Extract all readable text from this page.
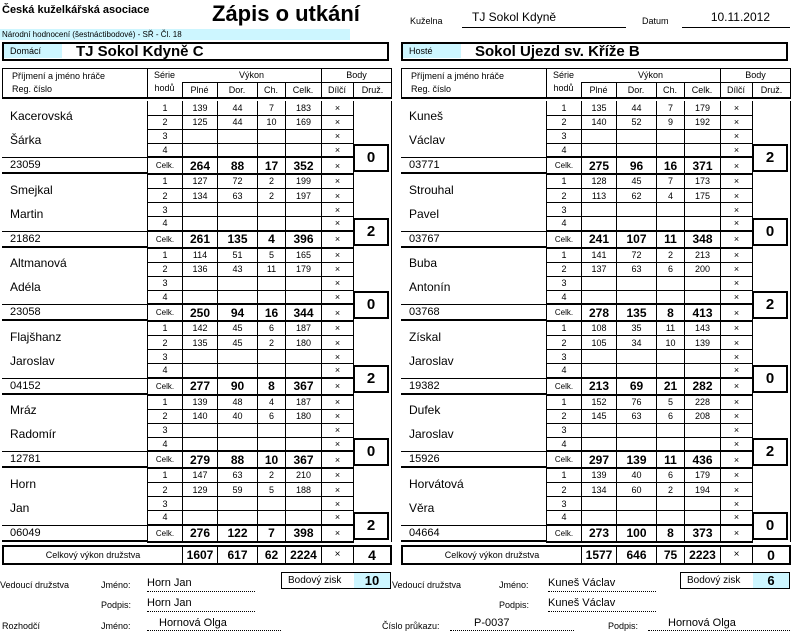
Česká kuželkářská asociace	Zápis o utkání
Národní hodnocení (šestnáctibodové) - SŘ - Čl. 18
Kuželna	TJ Sokol Kdyně	Datum	10.11.2012
Domácí	TJ Sokol Kdyně C	Hosté	Sokol Ujezd sv. Kříže B
Příjmení a jméno hráče
Reg. číslo
Série
hodů
Výkon
Plné	Dor.	Ch.	Celk.
Body
Dílčí	Druž.
Kacerovská
Šárka
23059
1	139	44	7	183	×
2	125	44	10	169	×
3					×
4					×
Celk.	264	88	17	352	×	0
Smejkal
Martin
21862
1	127	72	2	199	×
2	134	63	2	197	×
3					×
4					×
Celk.	261	135	4	396	×	2
Altmanová
Adéla
23058
1	114	51	5	165	×
2	136	43	11	179	×
3					×
4					×
Celk.	250	94	16	344	×	0
Flajšhanz
Jaroslav
04152
1	142	45	6	187	×
2	135	45	2	180	×
3					×
4					×
Celk.	277	90	8	367	×	2
Mráz
Radomír
12781
1	139	48	4	187	×
2	140	40	6	180	×
3					×
4					×
Celk.	279	88	10	367	×	0
Horn
Jan
06049
1	147	63	2	210	×
2	129	59	5	188	×
3					×
4					×
Celk.	276	122	7	398	×	2
Celkový výkon družstva	1607	617	62 2224	×	4
Příjmení a jméno hráče
Reg. číslo
Série
hodů
Výkon
Plné	Dor.	Ch.	Celk.
Body
Dílčí	Druž.
Kuneš
Václav
03771
1	135	44	7	179	×
2	140	52	9	192	×
3					×
4					×
Celk.	275	96	16	371	×	2
Strouhal
Pavel
03767
1	128	45	7	173	×
2	113	62	4	175	×
3					×
4					×
Celk.	241	107	11	348	×	0
Buba
Antonín
03768
1	141	72	2	213	×
2	137	63	6	200	×
3					×
4					×
Celk.	278	135	8	413	×	2
Získal
Jaroslav
19382
1	108	35	11	143	×
2	105	34	10	139	×
3					×
4					×
Celk.	213	69	21	282	×	0
Dufek
Jaroslav
15926
1	152	76	5	228	×
2	145	63	6	208	×
3					×
4					×
Celk.	297	139	11	436	×	2
Horvátová
Věra
04664
1	139	40	6	179	×
2	134	60	2	194	×
3					×
4					×
Celk.	273	100	8	373	×	0
Celkový výkon družstva	1577	646	75 2223	×	0
Vedoucí družstva	Jméno: Horn Jan
Podpis: Horn Jan
Bodový zisk	10	Vedoucí družstva	Jméno: Kuneš Václav
Podpis: Kuneš Václav
Bodový zisk	6
Rozhodčí	Jméno:	Hornová Olga	Číslo průkazu:	P-0037	Podpis:	Hornová Olga
